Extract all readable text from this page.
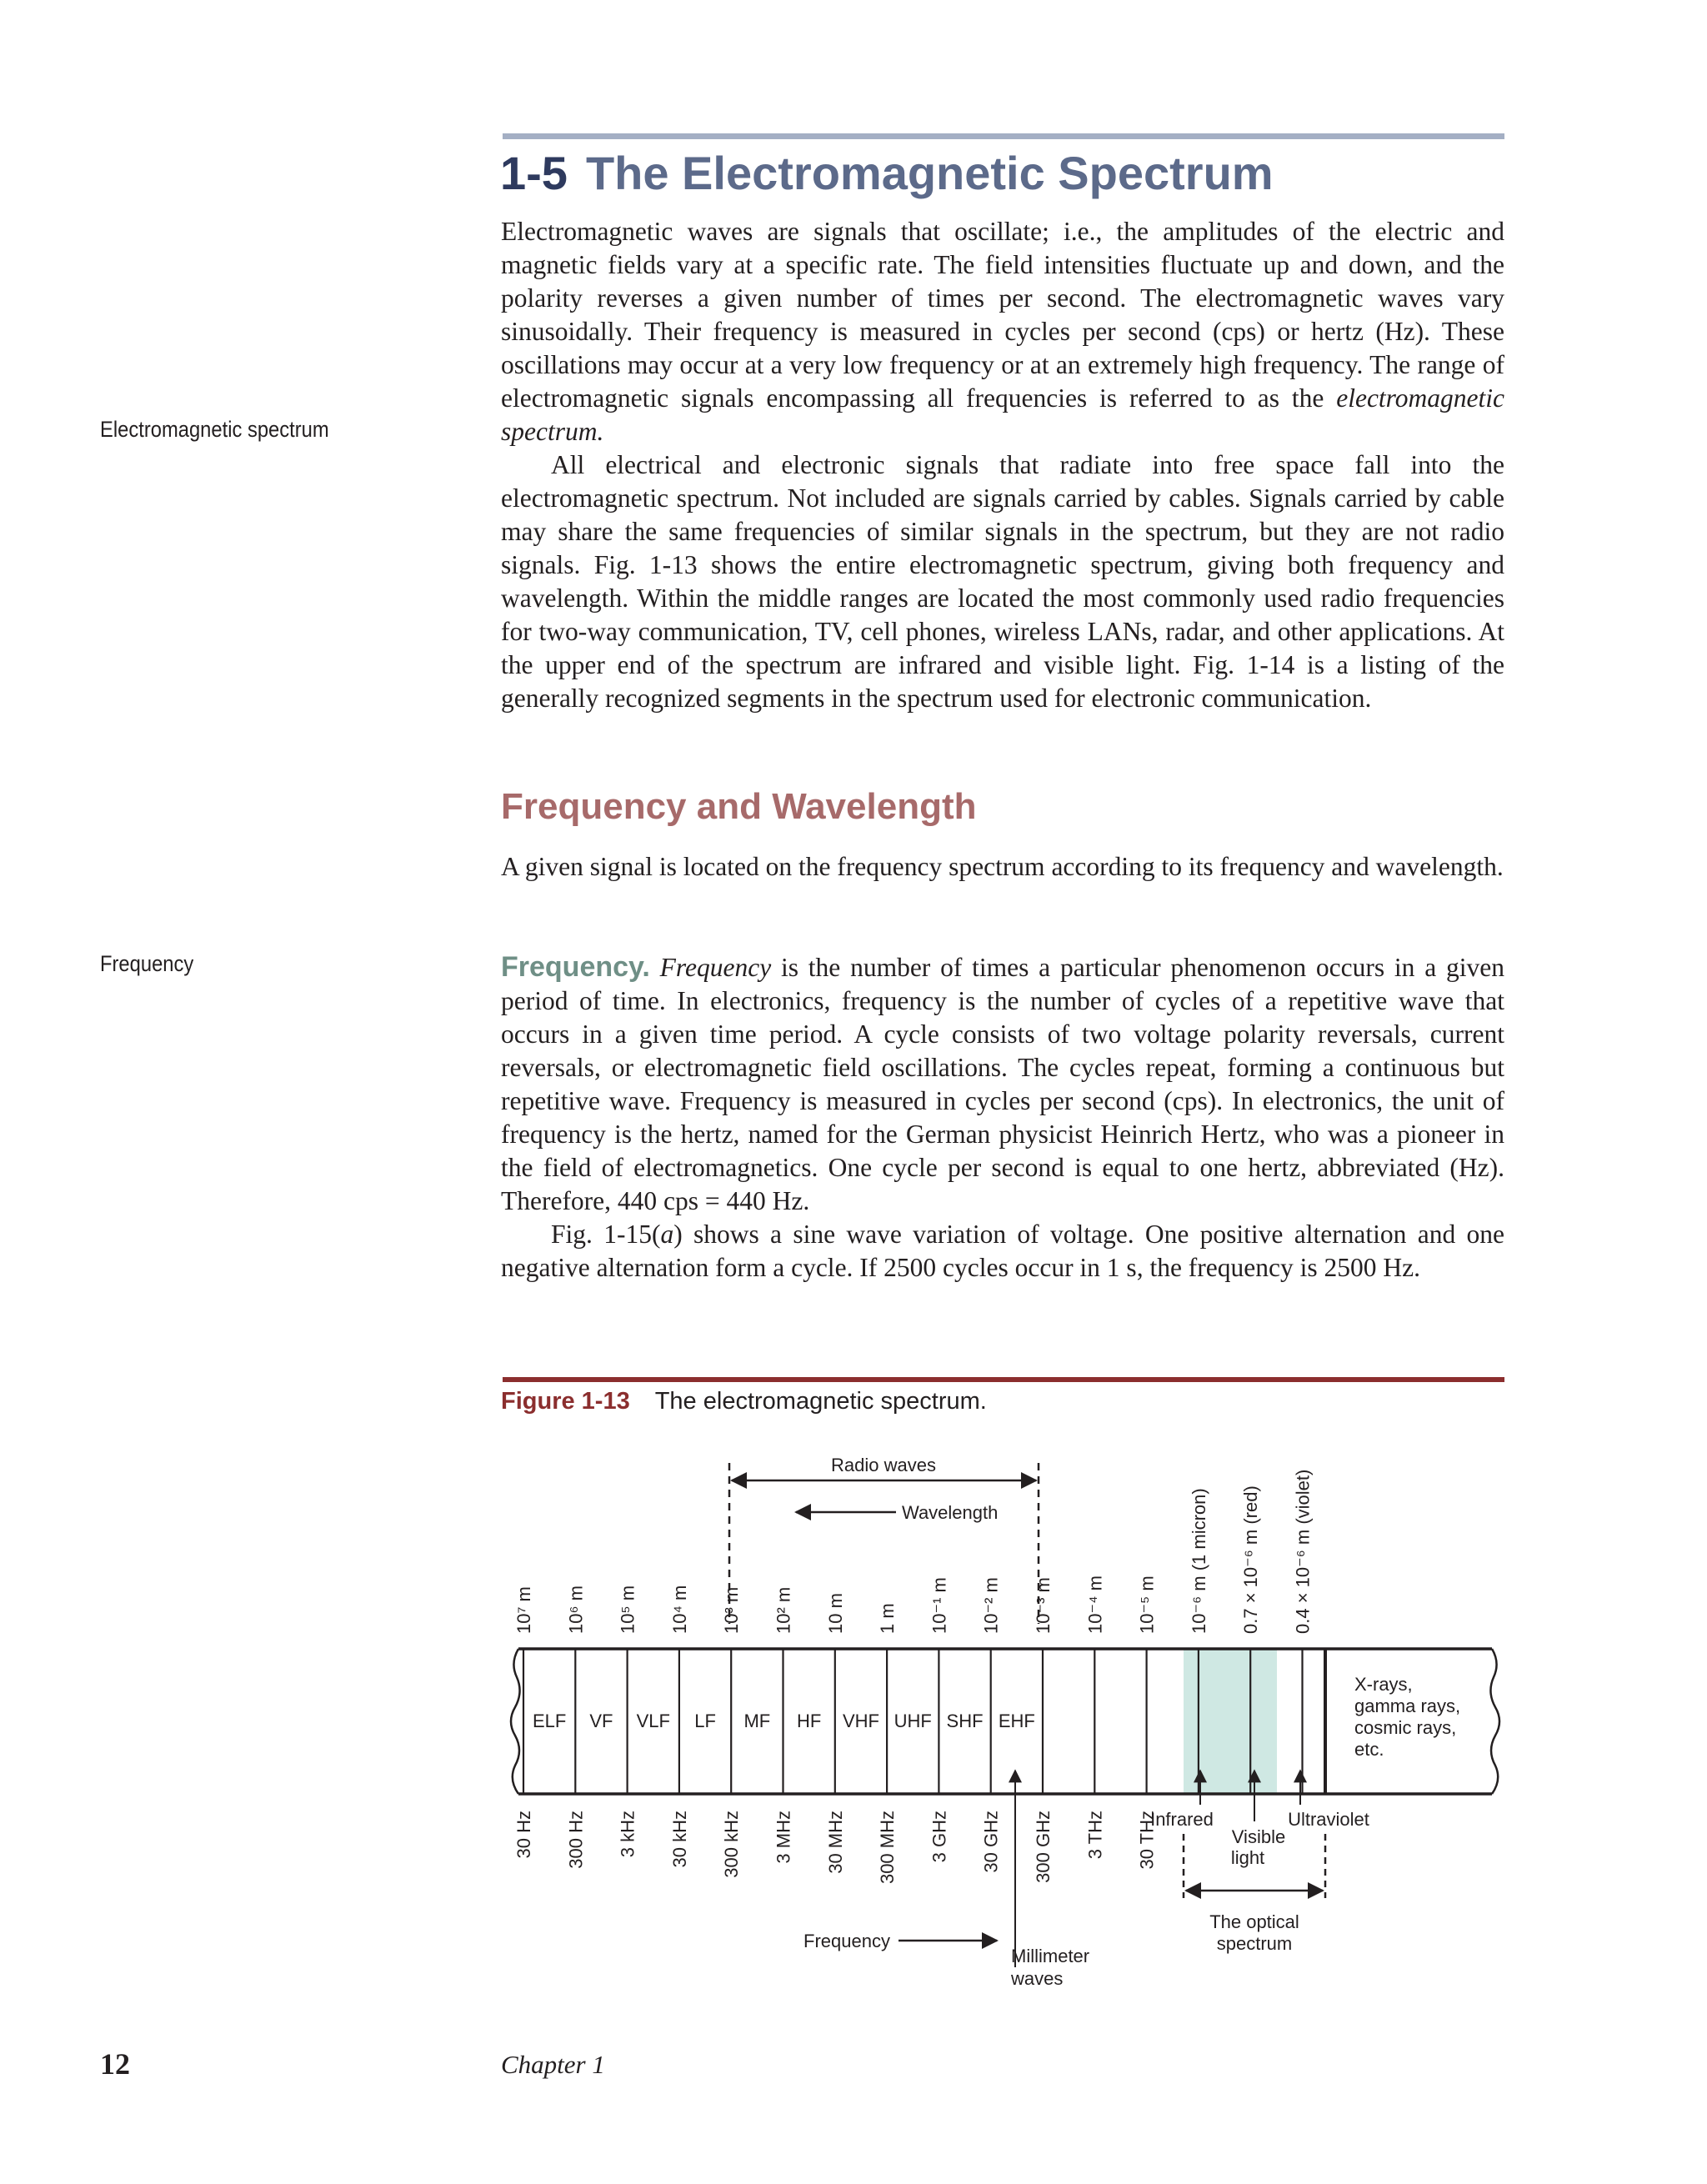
1-5 The Electromagnetic Spectrum
Electromagnetic spectrum
Frequency

Electromagnetic waves are signals that oscillate; i.e., the amplitudes of the electric and magnetic fields vary at a specific rate. The field intensities fluctuate up and down, and the polarity reverses a given number of times per second. The electromagnetic waves vary sinusoidally. Their frequency is measured in cycles per second (cps) or hertz (Hz). These oscillations may occur at a very low frequency or at an extremely high frequency. The range of electromagnetic signals encompassing all frequencies is referred to as the electromagnetic spectrum.

All electrical and electronic signals that radiate into free space fall into the electromagnetic spectrum. Not included are signals carried by cables. Signals carried by cable may share the same frequencies of similar signals in the spectrum, but they are not radio signals. Fig. 1-13 shows the entire electromagnetic spectrum, giving both frequency and wavelength. Within the middle ranges are located the most commonly used radio frequencies for two-way communication, TV, cell phones, wireless LANs, radar, and other applications. At the upper end of the spectrum are infrared and visible light. Fig. 1-14 is a listing of the generally recognized segments in the spectrum used for electronic communication.

Frequency and Wavelength
A given signal is located on the frequency spectrum according to its frequency and wavelength.

Frequency. Frequency is the number of times a particular phenomenon occurs in a given period of time. In electronics, frequency is the number of cycles of a repetitive wave that occurs in a given time period. A cycle consists of two voltage polarity reversals, current reversals, or electromagnetic field oscillations. The cycles repeat, forming a continuous but repetitive wave. Frequency is measured in cycles per second (cps). In electronics, the unit of frequency is the hertz, named for the German physicist Heinrich Hertz, who was a pioneer in the field of electromagnetics. One cycle per second is equal to one hertz, abbreviated (Hz). Therefore, 440 cps = 440 Hz.

Fig. 1-15(a) shows a sine wave variation of voltage. One positive alternation and one negative alternation form a cycle. If 2500 cycles occur in 1 s, the frequency is 2500 Hz.

Figure 1-13 The electromagnetic spectrum.
ELF VF VLF LF MF HF VHF UHF SHF EHF
10⁷ m 10⁶ m 10⁵ m 10⁴ m 10³ m 10² m 10 m 1 m 10⁻¹ m 10⁻² m 10⁻³ m 10⁻⁴ m 10⁻⁵ m 10⁻⁶ m (1 micron) 0.7 × 10⁻⁶ m (red) 0.4 × 10⁻⁶ m (violet)
30 Hz 300 Hz 3 kHz 30 kHz 300 kHz 3 MHz 30 MHz 300 MHz 3 GHz 30 GHz 300 GHz 3 THz 30 THz
Radio waves
Wavelength
Frequency
Millimeter
waves
Infrared
Visible
light
Ultraviolet
The optical
spectrum
X-rays,
gamma rays,
cosmic rays,
etc.
12	Chapter 1
